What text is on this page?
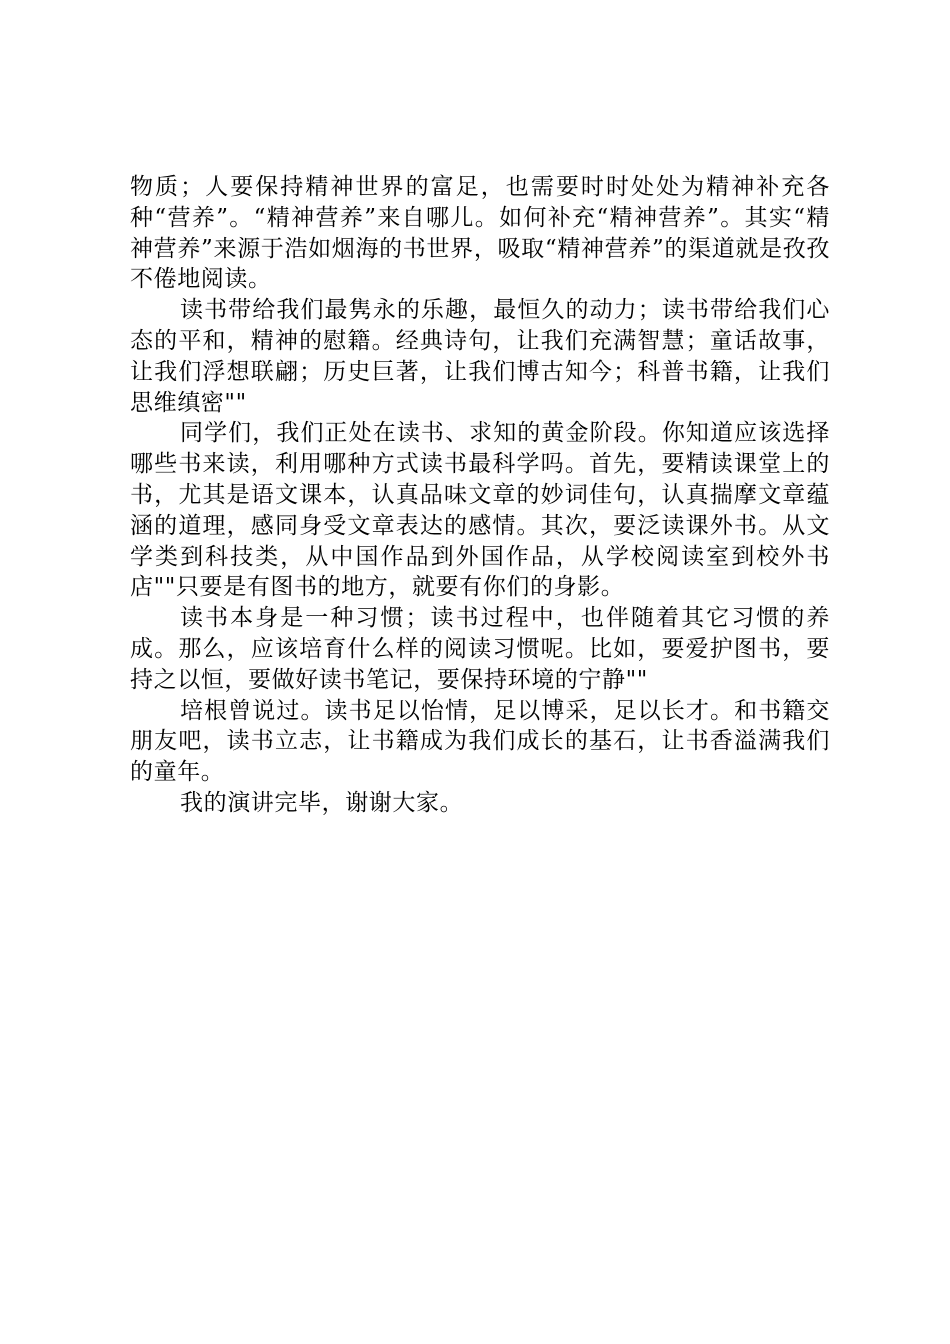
物质；人要保持精神世界的富足，也需要时时处处为精神补充各种“营养”。“精神营养”来自哪儿。如何补充“精神营养”。其实“精神营养”来源于浩如烟海的书世界，吸取“精神营养”的渠道就是孜孜不倦地阅读。

读书带给我们最隽永的乐趣，最恒久的动力；读书带给我们心态的平和，精神的慰籍。经典诗句，让我们充满智慧；童话故事，让我们浮想联翩；历史巨著，让我们博古知今；科普书籍，让我们思维缜密""

同学们，我们正处在读书、求知的黄金阶段。你知道应该选择哪些书来读，利用哪种方式读书最科学吗。首先，要精读课堂上的书，尤其是语文课本，认真品味文章的妙词佳句，认真揣摩文章蕴涵的道理，感同身受文章表达的感情。其次，要泛读课外书。从文学类到科技类，从中国作品到外国作品，从学校阅读室到校外书店""只要是有图书的地方，就要有你们的身影。

读书本身是一种习惯；读书过程中，也伴随着其它习惯的养成。那么，应该培育什么样的阅读习惯呢。比如，要爱护图书，要持之以恒，要做好读书笔记，要保持环境的宁静""

培根曾说过。读书足以怡情，足以博采，足以长才。和书籍交朋友吧，读书立志，让书籍成为我们成长的基石，让书香溢满我们的童年。

我的演讲完毕，谢谢大家。
